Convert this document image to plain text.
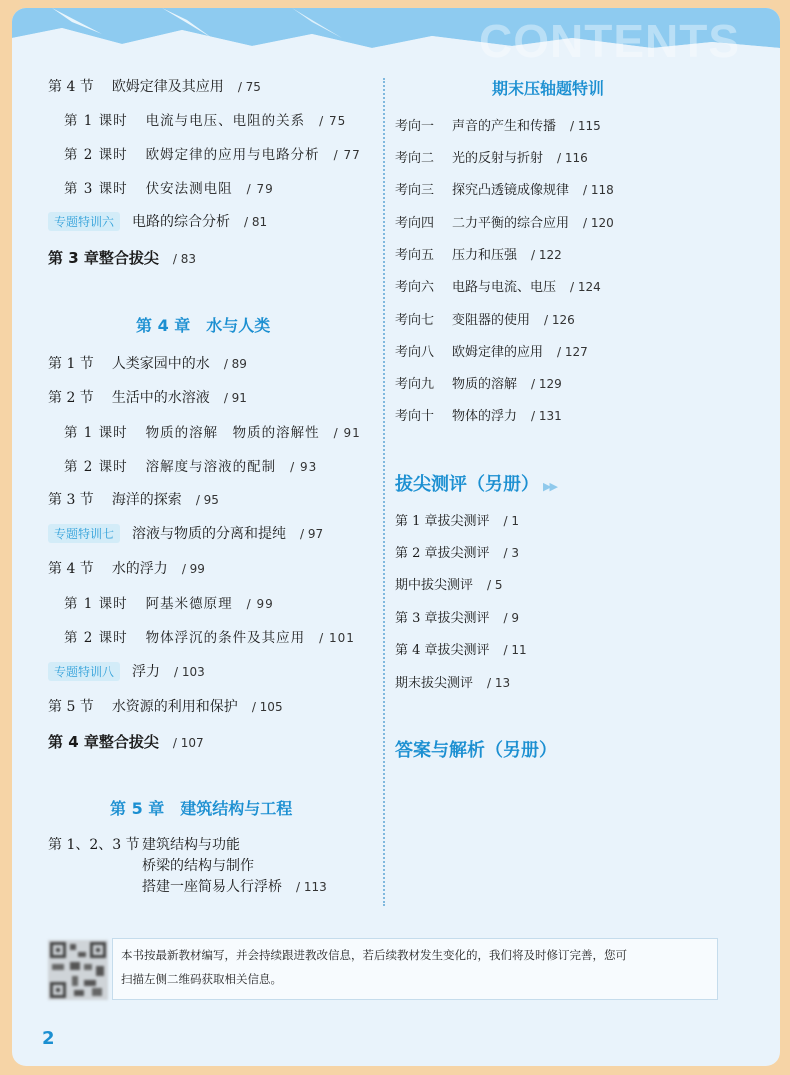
CONTENTS
第 4 节 欧姆定律及其应用 / 75
第 1 课时 电流与电压、电阻的关系 / 75
第 2 课时 欧姆定律的应用与电路分析 / 77
第 3 课时 伏安法测电阻 / 79
专题特训六 电路的综合分析 / 81
第 3 章整合拔尖 / 83
第 4 章　水与人类
第 1 节 人类家园中的水 / 89
第 2 节 生活中的水溶液 / 91
第 1 课时 物质的溶解　物质的溶解性 / 91
第 2 课时 溶解度与溶液的配制 / 93
第 3 节 海洋的探索 / 95
专题特训七 溶液与物质的分离和提纯 / 97
第 4 节 水的浮力 / 99
第 1 课时 阿基米德原理 / 99
第 2 课时 物体浮沉的条件及其应用 / 101
专题特训八 浮力 / 103
第 5 节 水资源的利用和保护 / 105
第 4 章整合拔尖 / 107
第 5 章　建筑结构与工程
第 1、2、3 节 建筑结构与功能
桥梁的结构与制作
搭建一座简易人行浮桥 / 113
期末压轴题特训
考向一 声音的产生和传播 / 115
考向二 光的反射与折射 / 116
考向三 探究凸透镜成像规律 / 118
考向四 二力平衡的综合应用 / 120
考向五 压力和压强 / 122
考向六 电路与电流、电压 / 124
考向七 变阻器的使用 / 126
考向八 欧姆定律的应用 / 127
考向九 物质的溶解 / 129
考向十 物体的浮力 / 131
拔尖测评（另册） ▶▶
第 1 章拔尖测评 / 1
第 2 章拔尖测评 / 3
期中拔尖测评 / 5
第 3 章拔尖测评 / 9
第 4 章拔尖测评 / 11
期末拔尖测评 / 13
答案与解析（另册）
本书按最新教材编写，并会持续跟进教改信息，若后续教材发生变化的，我们将及时修订完善，您可
扫描左侧二维码获取相关信息。
2
